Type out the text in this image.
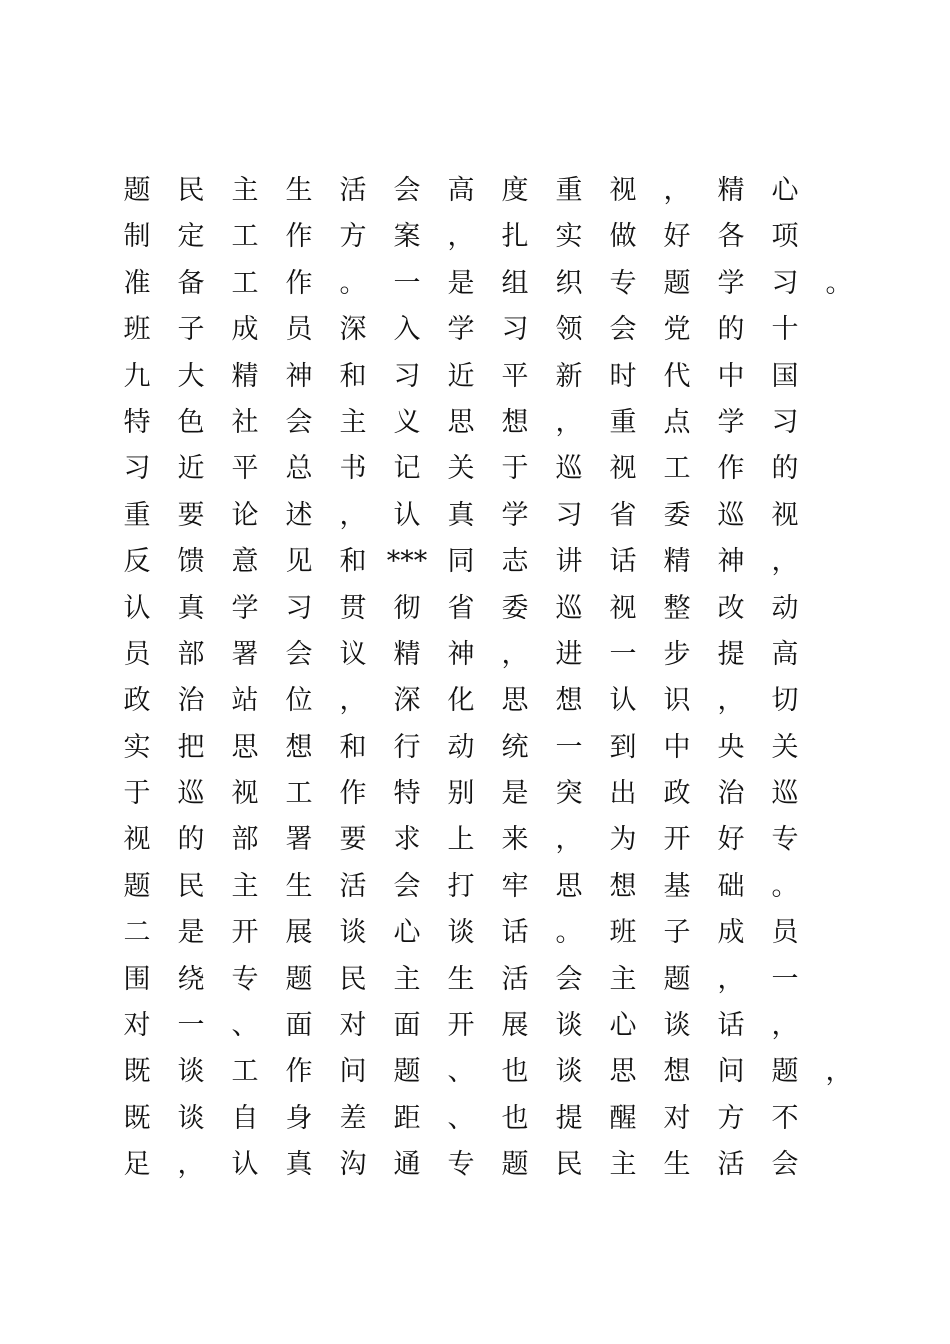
题	民	主	生	活	会	高	度	重	视	，	精	心
制	定	工	作	方	案	，	扎	实	做	好	各	项
准	备	工	作	。	一	是	组	织	专	题	学	习	。
班	子	成	员	深	入	学	习	领	会	党	的	十
九	大	精	神	和	习	近	平	新	时	代	中	国
特	色	社	会	主	义	思	想	，	重	点	学	习
习	近	平	总	书	记	关	于	巡	视	工	作	的
重	要	论	述	，	认	真	学	习	省	委	巡	视
反	馈	意	见	和 *** 同	志	讲	话	精	神	，
认	真	学	习	贯	彻	省	委	巡	视	整	改	动
员	部	署	会	议	精	神	，	进	一	步	提	高
政	治	站	位	，	深	化	思	想	认	识	，	切
实	把	思	想	和	行	动	统	一	到	中	央	关
于	巡	视	工	作	特	别	是	突	出	政	治	巡
视	的	部	署	要	求	上	来	，	为	开	好	专
题	民	主	生	活	会	打	牢	思	想	基	础	。
二	是	开	展	谈	心	谈	话	。	班	子	成	员
围	绕	专	题	民	主	生	活	会	主	题	，	一
对	一	、	面	对	面	开	展	谈	心	谈	话	，
既	谈	工	作	问	题	、	也	谈	思	想	问	题	，
既	谈	自	身	差	距	、	也	提	醒	对	方	不
足	，	认	真	沟	通	专	题	民	主	生	活	会
